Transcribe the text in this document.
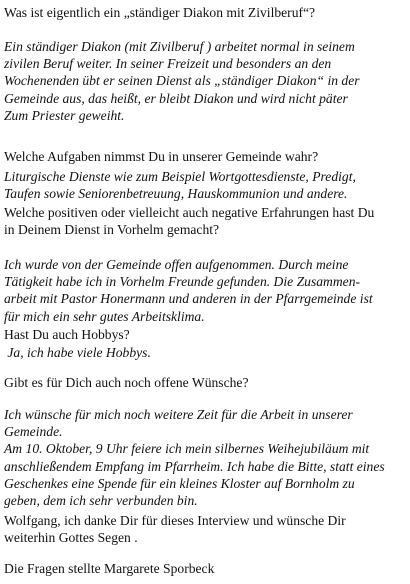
Was ist eigentlich ein „ständiger Diakon mit Zivilberuf“?

Ein ständiger Diakon (mit Zivilberuf ) arbeitet normal in seinem
zivilen Beruf weiter. In seiner Freizeit und besonders an den
Wochenenden übt er seinen Dienst als „ständiger Diakon“ in der
Gemeinde aus, das heißt, er bleibt Diakon und wird nicht päter
Zum Priester geweiht.

Welche Aufgaben nimmst Du in unserer Gemeinde wahr?

Liturgische Dienste wie zum Beispiel Wortgottesdienste, Predigt,
Taufen sowie Seniorenbetreuung, Hauskommunion und andere.

Welche positiven oder vielleicht auch negative Erfahrungen hast Du
in Deinem Dienst in Vorhelm gemacht?

Ich wurde von der Gemeinde offen aufgenommen. Durch meine
Tätigkeit habe ich in Vorhelm Freunde gefunden. Die Zusammen-
arbeit mit Pastor Honermann und anderen in der Pfarrgemeinde ist
für mich ein sehr gutes Arbeitsklima.

Hast Du auch Hobbys?

Ja, ich habe viele Hobbys.

Gibt es für Dich auch noch offene Wünsche?

Ich wünsche für mich noch weitere Zeit für die Arbeit in unserer
Gemeinde.
Am 10. Oktober, 9 Uhr feiere ich mein silbernes Weihejubiläum mit
anschließendem Empfang im Pfarrheim. Ich habe die Bitte, statt eines
Geschenkes eine Spende für ein kleines Kloster auf Bornholm zu
geben, dem ich sehr verbunden bin.

Wolfgang, ich danke Dir für dieses Interview und wünsche Dir
weiterhin Gottes Segen .

Die Fragen stellte Margarete Sporbeck
